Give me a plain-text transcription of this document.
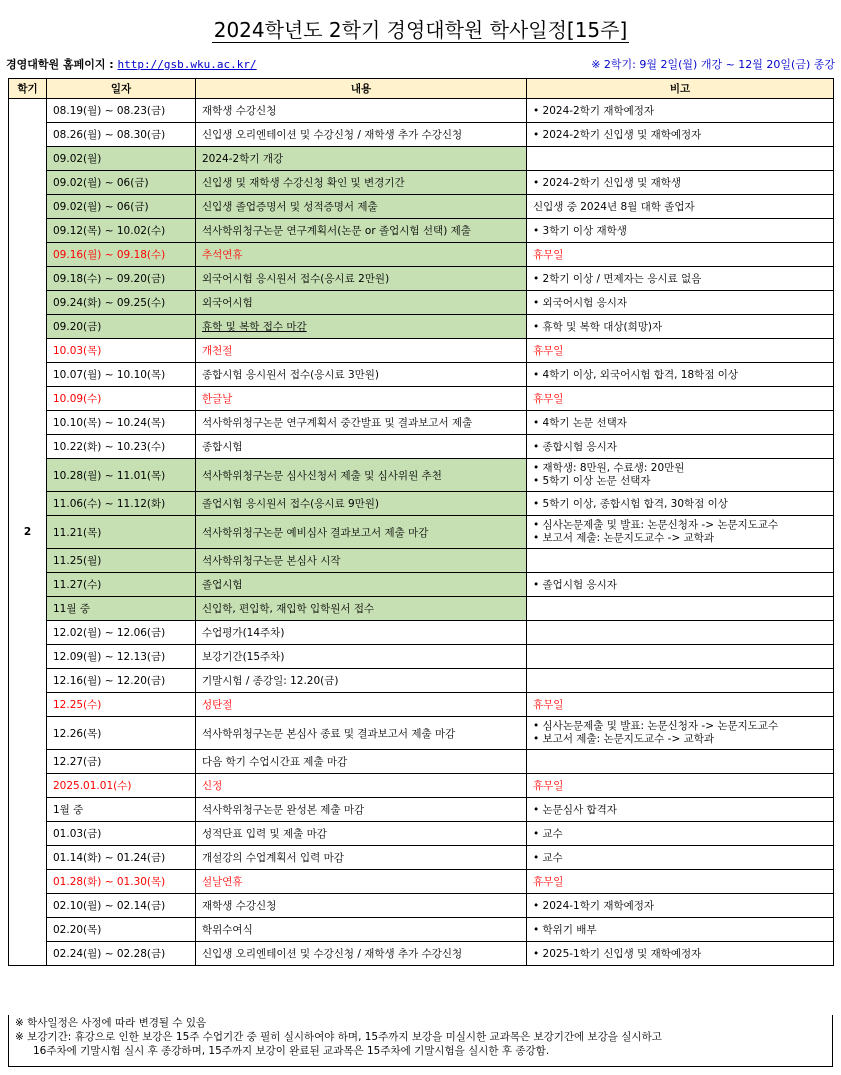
2024학년도 2학기 경영대학원 학사일정[15주]
경영대학원 홈페이지 : http://gsb.wku.ac.kr/	※ 2학기: 9월 2일(월) 개강 ~ 12월 20일(금) 종강
학기	일자	내용	비고
2	08.19(월) ~ 08.23(금)	재학생 수강신청	• 2024-2학기 재학예정자

	08.26(월) ~ 08.30(금)	신입생 오리엔테이션 및 수강신청 / 재학생 추가 수강신청	• 2024-2학기 신입생 및 재학예정자

	09.02(월)	2024-2학기 개강	
	09.02(월) ~ 06(금)	신입생 및 재학생 수강신청 확인 및 변경기간	• 2024-2학기 신입생 및 재학생

	09.02(월) ~ 06(금)	신입생 졸업증명서 및 성적증명서 제출	신입생 중 2024년 8월 대학 졸업자

	09.12(목) ~ 10.02(수)	석사학위청구논문 연구계획서(논문 or 졸업시험 선택) 제출	• 3학기 이상 재학생

	09.16(월) ~ 09.18(수)	추석연휴	휴무일

	09.18(수) ~ 09.20(금)	외국어시험 응시원서 접수(응시료 2만원)	• 2학기 이상 / 면제자는 응시료 없음

	09.24(화) ~ 09.25(수)	외국어시험	• 외국어시험 응시자

	09.20(금)	휴학 및 복학 접수 마감	• 휴학 및 복학 대상(희망)자

	10.03(목)	개천절	휴무일

	10.07(월) ~ 10.10(목)	종합시험 응시원서 접수(응시료 3만원)	• 4학기 이상, 외국어시험 합격, 18학점 이상

	10.09(수)	한글날	휴무일

	10.10(목) ~ 10.24(목)	석사학위청구논문 연구계획서 중간발표 및 결과보고서 제출	• 4학기 논문 선택자

	10.22(화) ~ 10.23(수)	종합시험	• 종합시험 응시자

	10.28(월) ~ 11.01(목)	석사학위청구논문 심사신청서 제출 및 심사위원 추천	• 재학생: 8만원, 수료생: 20만원
• 5학기 이상 논문 선택자

	11.06(수) ~ 11.12(화)	졸업시험 응시원서 접수(응시료 9만원)	• 5학기 이상, 종합시험 합격, 30학점 이상

	11.21(목)	석사학위청구논문 예비심사 결과보고서 제출 마감	• 심사논문제출 및 발표: 논문신청자 -> 논문지도교수
• 보고서 제출: 논문지도교수 -> 교학과

	11.25(월)	석사학위청구논문 본심사 시작	
	11.27(수)	졸업시험	• 졸업시험 응시자

	11월 중	신입학, 편입학, 재입학 입학원서 접수	
	12.02(월) ~ 12.06(금)	수업평가(14주차)	
	12.09(월) ~ 12.13(금)	보강기간(15주차)	
	12.16(월) ~ 12.20(금)	기말시험 / 종강일: 12.20(금)	
	12.25(수)	성탄절	휴무일

	12.26(목)	석사학위청구논문 본심사 종료 및 결과보고서 제출 마감	• 심사논문제출 및 발표: 논문신청자 -> 논문지도교수
• 보고서 제출: 논문지도교수 -> 교학과

	12.27(금)	다음 학기 수업시간표 제출 마감	
	2025.01.01(수)	신정	휴무일

	1월 중	석사학위청구논문 완성본 제출 마감	• 논문심사 합격자

	01.03(금)	성적단표 입력 및 제출 마감	• 교수

	01.14(화) ~ 01.24(금)	개설강의 수업계획서 입력 마감	• 교수

	01.28(화) ~ 01.30(목)	설날연휴	휴무일

	02.10(월) ~ 02.14(금)	재학생 수강신청	• 2024-1학기 재학예정자

	02.20(목)	학위수여식	• 학위기 배부

	02.24(월) ~ 02.28(금)	신입생 오리엔테이션 및 수강신청 / 재학생 추가 수강신청	• 2025-1학기 신입생 및 재학예정자
※ 학사일정은 사정에 따라 변경될 수 있음
※ 보강기간: 휴강으로 인한 보강은 15주 수업기간 중 필히 실시하여야 하며, 15주까지 보강을 미실시한 교과목은 보강기간에 보강을 실시하고
16주차에 기말시험 실시 후 종강하며, 15주까지 보강이 완료된 교과목은 15주차에 기말시험을 실시한 후 종강함.
